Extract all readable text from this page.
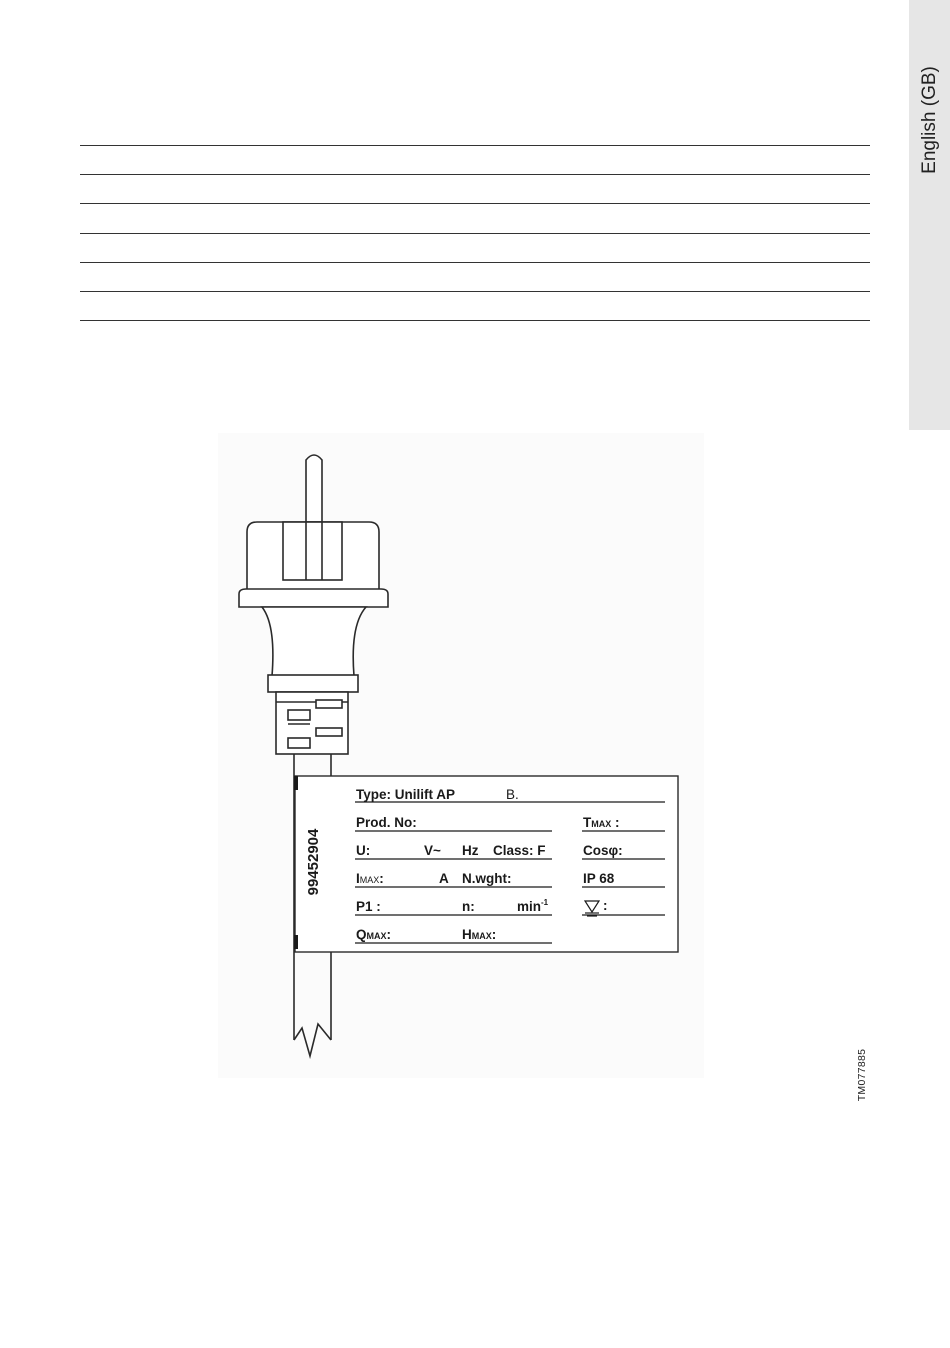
English (GB)
99452904
Type: Unilift AP	B.
Prod. No:	TMAX :
U:	V~ Hz Class: F	Cosφ:
IMAX:	A N.wght:	IP 68
P1 :	n:	$\min^{-1}$	:
QMAX:	HMAX:
TM077885
